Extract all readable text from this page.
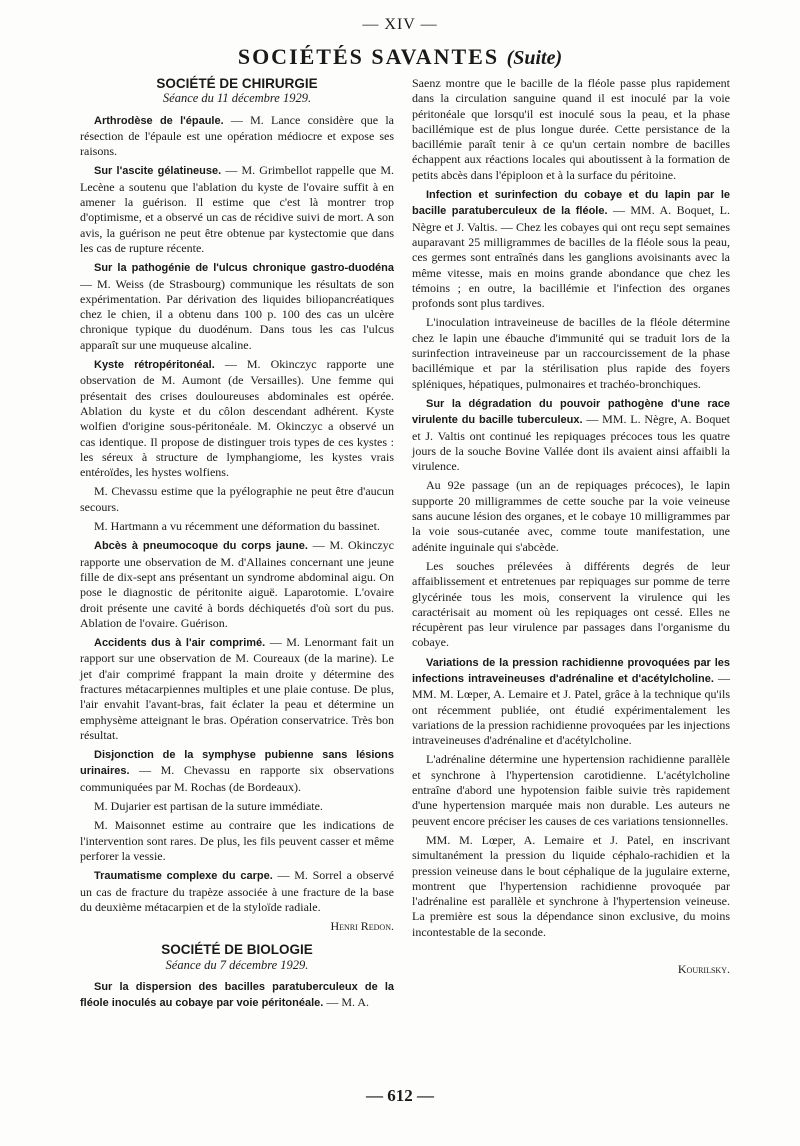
— XIV —
SOCIÉTÉS SAVANTES (Suite)
SOCIÉTÉ DE CHIRURGIE
Séance du 11 décembre 1929.

Arthrodèse de l'épaule. — M. Lance considère que la résection de l'épaule est une opération médiocre et expose ses raisons.

Sur l'ascite gélatineuse. — M. Grimbellot rappelle que M. Lecène a soutenu que l'ablation du kyste de l'ovaire suffit à en amener la guérison. Il estime que c'est là montrer trop d'optimisme, et a observé un cas de récidive suivi de mort. A son avis, la guérison ne peut être obtenue par kystectomie que dans les cas de rupture récente.

Sur la pathogénie de l'ulcus chronique gastro-duodéna — M. Weiss (de Strasbourg) communique les résultats de son expérimentation. Par dérivation des liquides biliopancréatiques chez le chien, il a obtenu dans 100 p. 100 des cas un ulcère chronique typique du duodénum. Dans tous les cas l'ulcus apparaît sur une muqueuse alcaline.

Kyste rétropéritonéal. — M. Okinczyc rapporte une observation de M. Aumont (de Versailles). Une femme qui présentait des crises douloureuses abdominales est opérée. Ablation du kyste et du côlon descendant adhérent. Kyste wolfien d'origine sous-péritonéale. M. Okinczyc a observé un cas identique. Il propose de distinguer trois types de ces kystes : les séreux à structure de lymphangiome, les kystes vrais entéroïdes, les hystes wolfiens.

M. Chevassu estime que la pyélographie ne peut être d'aucun secours.

M. Hartmann a vu récemment une déformation du bassinet.

Abcès à pneumocoque du corps jaune. — M. Okinczyc rapporte une observation de M. d'Allaines concernant une jeune fille de dix-sept ans présentant un syndrome abdominal aigu. On pose le diagnostic de péritonite aiguë. Laparotomie. L'ovaire droit présente une cavité à bords déchiquetés d'où sort du pus. Ablation de l'ovaire. Guérison.

Accidents dus à l'air comprimé. — M. Lenormant fait un rapport sur une observation de M. Coureaux (de la marine). Le jet d'air comprimé frappant la main droite y détermine des fractures métacarpiennes multiples et une plaie contuse. De plus, l'air envahit l'avant-bras, fait éclater la peau et détermine un emphysème atteignant le bras. Opération conservatrice. Très bon résultat.

Disjonction de la symphyse pubienne sans lésions urinaires. — M. Chevassu en rapporte six observations communiquées par M. Rochas (de Bordeaux).

M. Dujarier est partisan de la suture immédiate.

M. Maisonnet estime au contraire que les indications de l'intervention sont rares. De plus, les fils peuvent casser et même perforer la vessie.

Traumatisme complexe du carpe. — M. Sorrel a observé un cas de fracture du trapèze associée à une fracture de la base du deuxième métacarpien et de la styloïde radiale.

Henri Redon.
SOCIÉTÉ DE BIOLOGIE
Séance du 7 décembre 1929.

Sur la dispersion des bacilles paratuberculeux de la fléole inoculés au cobaye par voie péritonéale. — M. A.

Saenz montre que le bacille de la fléole passe plus rapidement dans la circulation sanguine quand il est inoculé par la voie péritonéale que lorsqu'il est inoculé sous la peau, et la phase bacillémique est de plus longue durée. Cette persistance de la bacillémie paraît tenir à ce qu'un certain nombre de bacilles échappent aux réactions locales qui aboutissent à la formation de petits abcès dans l'épiploon et à la surface du péritoine.

Infection et surinfection du cobaye et du lapin par le bacille paratuberculeux de la fléole. — MM. A. Boquet, L. Nègre et J. Valtis. — Chez les cobayes qui ont reçu sept semaines auparavant 25 milligrammes de bacilles de la fléole sous la peau, ces germes sont entraînés dans les ganglions avoisinants avec la même vitesse, mais en moins grande abondance que chez les témoins ; en outre, la bacillémie et l'infection des organes profonds sont plus tardives.

L'inoculation intraveineuse de bacilles de la fléole détermine chez le lapin une ébauche d'immunité qui se traduit lors de la surinfection intraveineuse par un raccourcissement de la phase bacillémique et par la stérilisation plus rapide des foyers spléniques, hépatiques, pulmonaires et trachéo-bronchiques.

Sur la dégradation du pouvoir pathogène d'une race virulente du bacille tuberculeux. — MM. L. Nègre, A. Boquet et J. Valtis ont continué les repiquages précoces tous les quatre jours de la souche Bovine Vallée dont ils avaient ainsi affaibli la virulence.

Au 92e passage (un an de repiquages précoces), le lapin supporte 20 milligrammes de cette souche par la voie veineuse sans aucune lésion des organes, et le cobaye 10 milligrammes par la voie sous-cutanée avec, comme toute manifestation, une adénite inguinale qui s'abcède.

Les souches prélevées à différents degrés de leur affaiblissement et entretenues par repiquages sur pomme de terre glycérinée tous les mois, conservent la virulence qui les caractérisait au moment où les repiquages ont cessé. Elles ne récupèrent pas leur virulence par passages dans l'organisme du cobaye.

Variations de la pression rachidienne provoquées par les infections intraveineuses d'adrénaline et d'acétylcholine. — MM. M. Lœper, A. Lemaire et J. Patel, grâce à la technique qu'ils ont récemment publiée, ont étudié expérimentalement les variations de la pression rachidienne provoquées par les injections intraveineuses d'adrénaline et d'acétylcholine.

L'adrénaline détermine une hypertension rachidienne parallèle et synchrone à l'hypertension carotidienne. L'acétylcholine entraîne d'abord une hypotension faible suivie très rapidement d'une hypertension marquée mais non durable. Les auteurs ne peuvent encore préciser les causes de ces variations tensionnelles.

MM. M. Lœper, A. Lemaire et J. Patel, en inscrivant simultanément la pression du liquide céphalo-rachidien et la pression veineuse dans le bout céphalique de la jugulaire externe, montrent que l'hypertension rachidienne provoquée par l'adrénaline est parallèle et synchrone à l'hypertension veineuse. La première est sous la dépendance sinon exclusive, du moins incontestable de la seconde.

Kourilsky.
— 612 —
